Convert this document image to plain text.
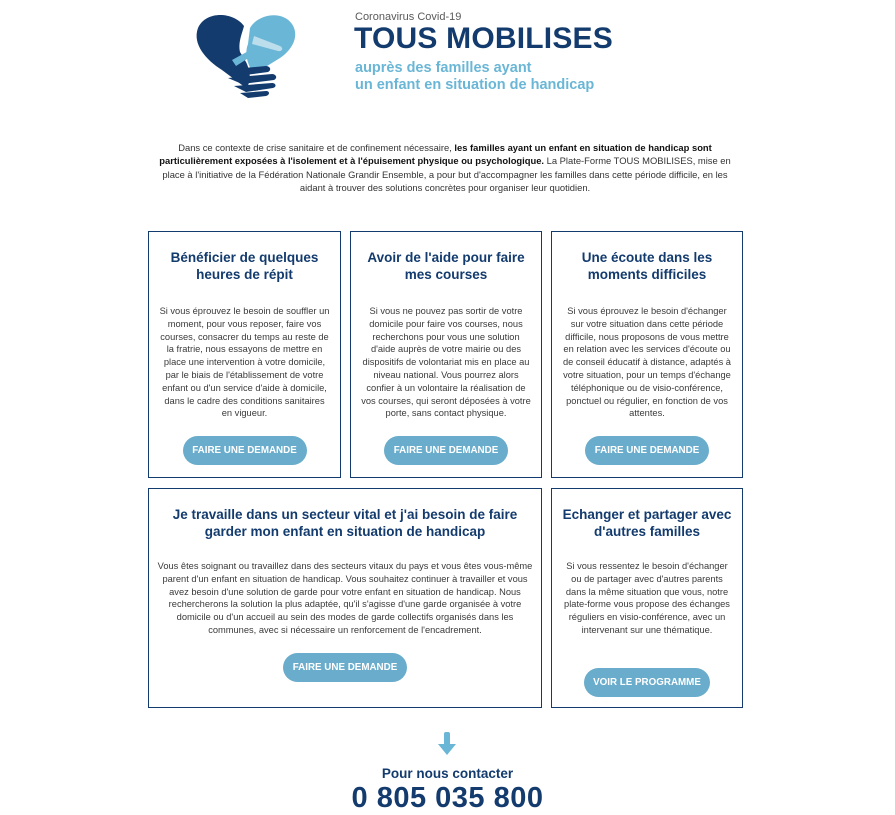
Coronavirus Covid-19
TOUS MOBILISES
auprès des familles ayant
un enfant en situation de handicap
Dans ce contexte de crise sanitaire et de confinement nécessaire, les familles ayant un enfant en situation de handicap sont particulièrement exposées à l'isolement et à l'épuisement physique ou psychologique. La Plate-Forme TOUS MOBILISES, mise en place à l'initiative de la Fédération Nationale Grandir Ensemble, a pour but d'accompagner les familles dans cette période difficile, en les aidant à trouver des solutions concrètes pour organiser leur quotidien.
Bénéficier de quelques heures de répit

Si vous éprouvez le besoin de souffler un moment, pour vous reposer, faire vos courses, consacrer du temps au reste de la fratrie, nous essayons de mettre en place une intervention à votre domicile, par le biais de l'établissement de votre enfant ou d'un service d'aide à domicile, dans le cadre des conditions sanitaires en vigueur.

FAIRE UNE DEMANDE
Avoir de l'aide pour faire mes courses

Si vous ne pouvez pas sortir de votre domicile pour faire vos courses, nous recherchons pour vous une solution d'aide auprès de votre mairie ou des dispositifs de volontariat mis en place au niveau national. Vous pourrez alors confier à un volontaire la réalisation de vos courses, qui seront déposées à votre porte, sans contact physique.

FAIRE UNE DEMANDE
Une écoute dans les moments difficiles

Si vous éprouvez le besoin d'échanger sur votre situation dans cette période difficile, nous proposons de vous mettre en relation avec les services d'écoute ou de conseil éducatif à distance, adaptés à votre situation, pour un temps d'échange téléphonique ou de visio-conférence, ponctuel ou régulier, en fonction de vos attentes.

FAIRE UNE DEMANDE
Je travaille dans un secteur vital et j'ai besoin de faire garder mon enfant en situation de handicap

Vous êtes soignant ou travaillez dans des secteurs vitaux du pays et vous êtes vous-même parent d'un enfant en situation de handicap. Vous souhaitez continuer à travailler et vous avez besoin d'une solution de garde pour votre enfant en situation de handicap. Nous rechercherons la solution la plus adaptée, qu'il s'agisse d'une garde organisée à votre domicile ou d'un accueil au sein des modes de garde collectifs organisés dans les communes, avec si nécessaire un renforcement de l'encadrement.

FAIRE UNE DEMANDE
Echanger et partager avec d'autres familles

Si vous ressentez le besoin d'échanger ou de partager avec d'autres parents dans la même situation que vous, notre plate-forme vous propose des échanges réguliers en visio-conférence, avec un intervenant sur une thématique.

VOIR LE PROGRAMME
Pour nous contacter
0 805 035 800
